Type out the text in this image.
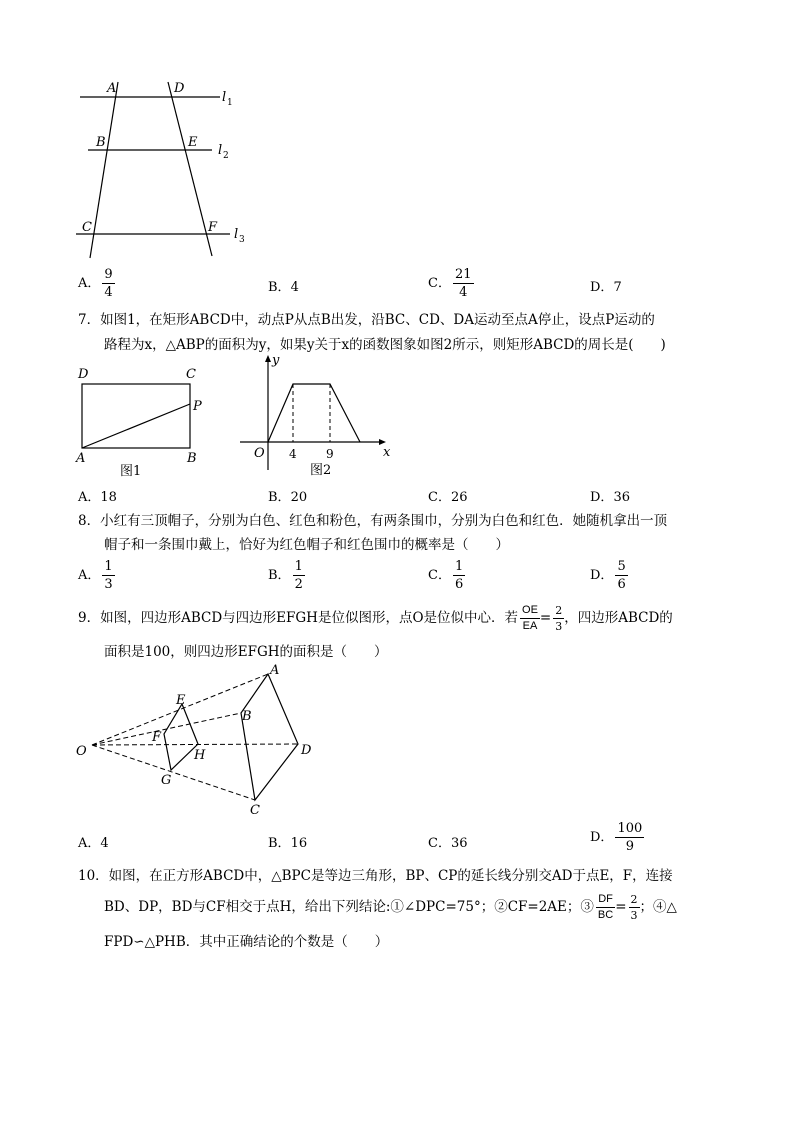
A	D
B	E
C	F
l 1
l 2
l 3
A． $\frac{9}{4}$	B．4	C． $\frac{21}{4}$	D．7
7．如图1，在矩形ABCD中，动点P从点B出发，沿BC、CD、DA运动至点A停止，设点P运动的
路程为x，△ABP的面积为y，如果y关于x的函数图象如图2所示，则矩形ABCD的周长是(　　)
D	C
P
A	B
图1
y
x
O 4 9
图2
A．18	B．20	C．26	D．36
8．小红有三顶帽子，分别为白色、红色和粉色，有两条围巾，分别为白色和红色．她随机拿出一顶
帽子和一条围巾戴上，恰好为红色帽子和红色围巾的概率是（　　）
A． $\frac{1}{3}$	B． $\frac{1}{2}$	C． $\frac{1}{6}$	D． $\frac{5}{6}$
9．如图，四边形ABCD与四边形EFGH是位似图形，点O是位似中心．若 $\frac{OE}{EA} = \frac{2}{3}$ ，四边形ABCD的
面积是100，则四边形EFGH的面积是（　　）
A
B
C
D
E
F
G
H
O
A．4	B．16	C．36	D． $\frac{100}{9}$
10．如图，在正方形ABCD中，△BPC是等边三角形，BP、CP的延长线分别交AD于点E，F，连接
BD、DP，BD与CF相交于点H，给出下列结论:①∠DPC=75°；②CF=2AE；③ $\frac{DF}{BC} = \frac{2}{3}$ ；④△
FPD∽△PHB．其中正确结论的个数是（　　）
